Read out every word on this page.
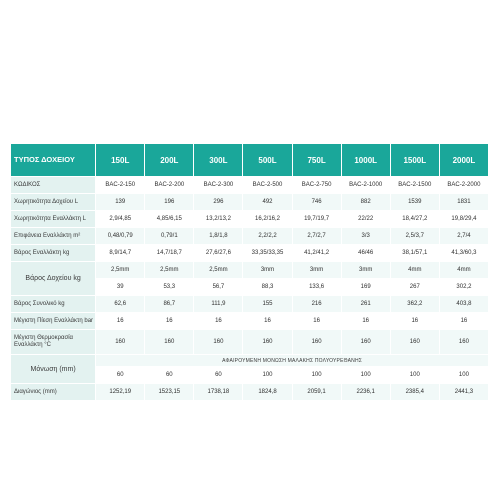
ΤΥΠΟΣ ΔΟΧΕΙΟΥ	150L	200L	300L	500L	750L	1000L	1500L	2000L
ΚΩΔΙΚΟΣ	BAC-2-150	BAC-2-200	BAC-2-300	BAC-2-500	BAC-2-750	BAC-2-1000	BAC-2-1500	BAC-2-2000
Χωρητικότητα Δοχείου L	139	196	296	492	746	882	1539	1831
Χωρητικότητα Εναλλάκτη L	2,9/4,85	4,85/6,15	13,2/13,2	16,2/16,2	19,7/19,7	22/22	18,4/27,2	19,8/29,4
Επιφάνεια Εναλλάκτη m²	0,48/0,79	0,79/1	1,8/1,8	2,2/2,2	2,7/2,7	3/3	2,5/3,7	2,7/4
Βάρος Εναλλάκτη kg	8,9/14,7	14,7/18,7	27,6/27,6	33,35/33,35	41,2/41,2	46/46	38,1/57,1	41,3/60,3
Βάρος Δοχείου kg	2,5mm	2,5mm	2,5mm	3mm	3mm	3mm	4mm	4mm
	39	53,3	56,7	88,3	133,6	169	267	302,2
Βάρος Συνολικό kg	62,6	86,7	111,9	155	216	261	362,2	403,8
Μέγιστη Πίεση Εναλλάκτη bar	16	16	16	16	16	16	16	16
Μέγιστη Θερμοκρασία Εναλλάκτη °C	160	160	160	160	160	160	160	160
Μόνωση (mm)	ΑΦΑΙΡΟΥΜΕΝΗ ΜΟΝΩΣΗ ΜΑΛΑΚΗΣ ΠΟΛΥΟΥΡΕΘΑΝΗΣ							
	60	60	60	100	100	100	100	100
Διαγώνιος (mm)	1252,19	1523,15	1738,18	1824,8	2059,1	2236,1	2385,4	2441,3
